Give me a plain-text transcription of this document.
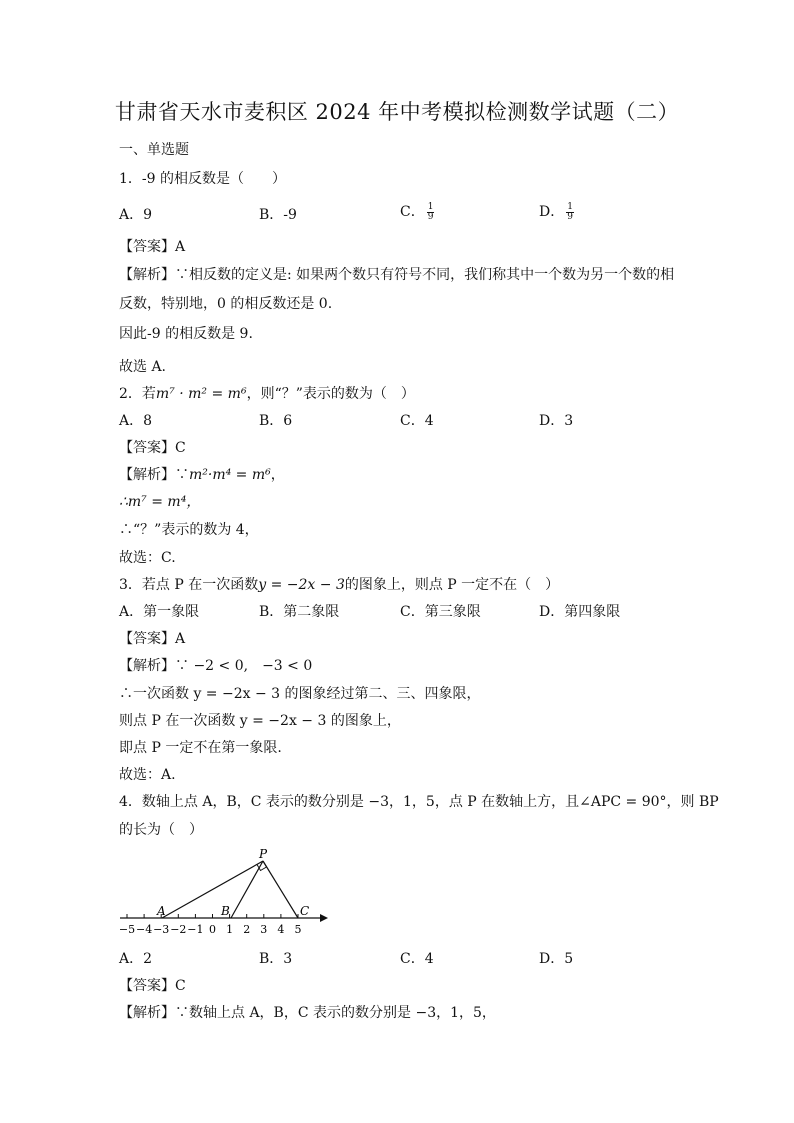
甘肃省天水市麦积区 2024 年中考模拟检测数学试题（二）
一、单选题
1．-9 的相反数是（　　）
A．9	B．-9	C． $\frac{1}{9}$	D． $\frac{1}{9}$
【答案】A
【解析】∵相反数的定义是: 如果两个数只有符号不同，我们称其中一个数为另一个数的相
反数，特别地，0 的相反数还是 0.
因此-9 的相反数是 9.
故选 A.
2．若m⁷ · m² = m⁶，则“？”表示的数为（　）
A．8	B．6	C．4	D．3
【答案】C
【解析】∵m²·m⁴ = m⁶，
∴m⁷ = m⁴，
∴“？”表示的数为 4，
故选：C.
3．若点 P 在一次函数y = −2x − 3的图象上，则点 P 一定不在（　）
A．第一象限	B．第二象限	C．第三象限	D．第四象限
【答案】A
【解析】∵ −2 < 0,　−3 < 0
∴一次函数 y = −2x − 3 的图象经过第二、三、四象限，
则点 P 在一次函数 y = −2x − 3 的图象上，
即点 P 一定不在第一象限.
故选：A.
4．数轴上点 A，B，C 表示的数分别是 −3，1，5，点 P 在数轴上方，且∠APC = 90°，则 BP
的长为（　）
−5 −4 −3 −2 −1 0 1 2 3 4 5
P
A	B	C
A．2	B．3	C．4	D．5
【答案】C
【解析】∵数轴上点 A，B，C 表示的数分别是 −3，1，5，
